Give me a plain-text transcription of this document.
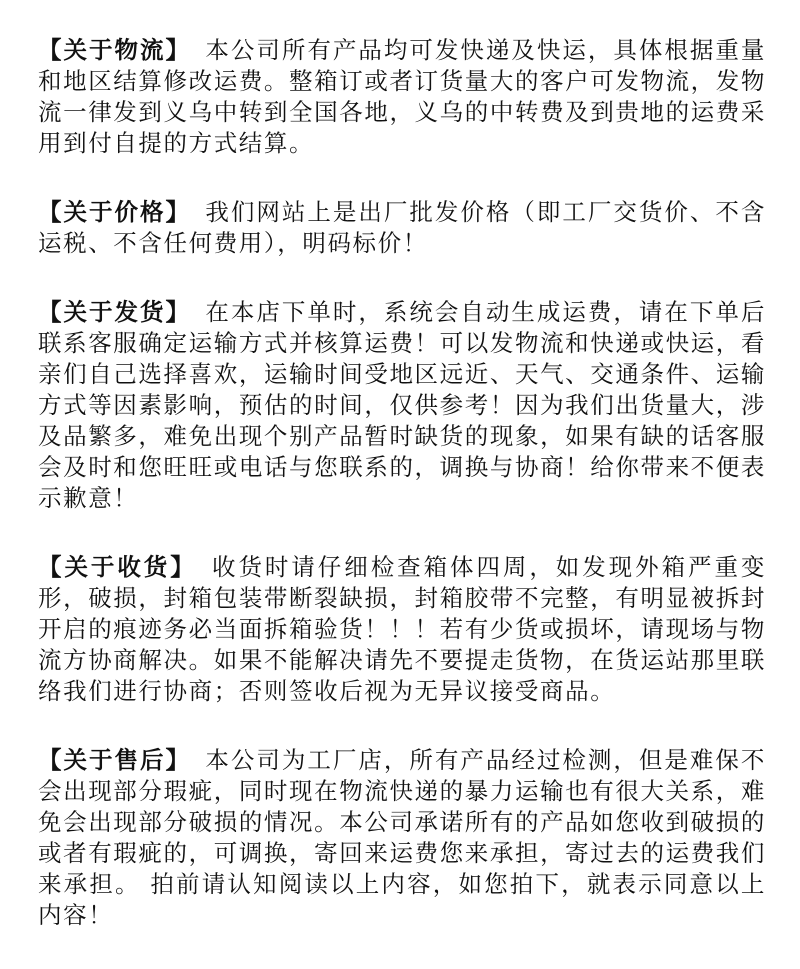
【关于物流】 本公司所有产品均可发快递及快运，具体根据重量和地区结算修改运费。整箱订或者订货量大的客户可发物流，发物流一律发到义乌中转到全国各地，义乌的中转费及到贵地的运费采用到付自提的方式结算。

【关于价格】 我们网站上是出厂批发价格（即工厂交货价、不含运税、不含任何费用），明码标价！

【关于发货】 在本店下单时，系统会自动生成运费，请在下单后联系客服确定运输方式并核算运费！可以发物流和快递或快运，看亲们自己选择喜欢，运输时间受地区远近、天气、交通条件、运输方式等因素影响，预估的时间，仅供参考！因为我们出货量大，涉及品繁多，难免出现个别产品暂时缺货的现象，如果有缺的话客服会及时和您旺旺或电话与您联系的，调换与协商！给你带来不便表示歉意！

【关于收货】 收货时请仔细检查箱体四周，如发现外箱严重变形，破损，封箱包装带断裂缺损，封箱胶带不完整，有明显被拆封开启的痕迹务必当面拆箱验货！！！若有少货或损坏，请现场与物流方协商解决。如果不能解决请先不要提走货物，在货运站那里联络我们进行协商；否则签收后视为无异议接受商品。

【关于售后】 本公司为工厂店，所有产品经过检测，但是难保不会出现部分瑕疵，同时现在物流快递的暴力运输也有很大关系，难免会出现部分破损的情况。本公司承诺所有的产品如您收到破损的或者有瑕疵的，可调换，寄回来运费您来承担，寄过去的运费我们来承担。 拍前请认知阅读以上内容，如您拍下，就表示同意以上内容！
